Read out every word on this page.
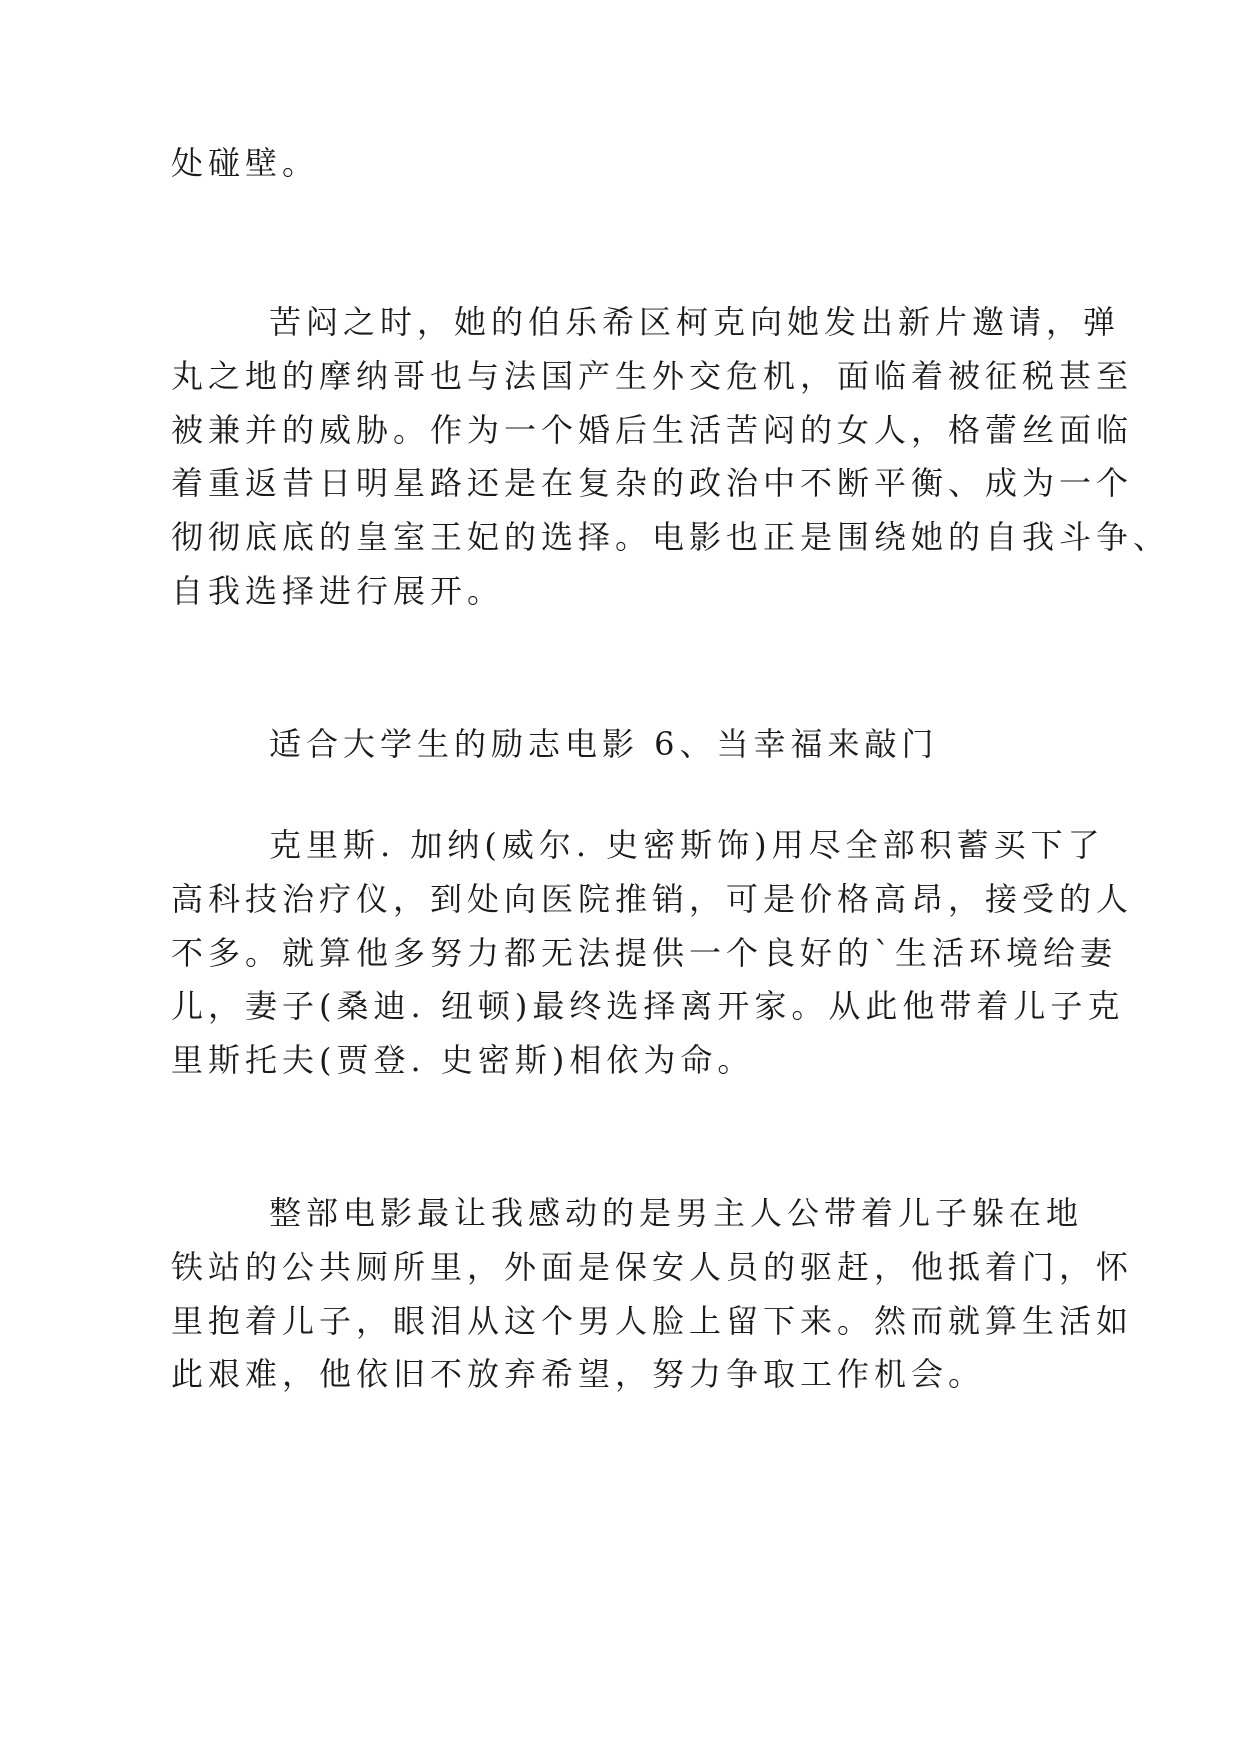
处碰壁。
苦闷之时，她的伯乐希区柯克向她发出新片邀请，弹
丸之地的摩纳哥也与法国产生外交危机，面临着被征税甚至
被兼并的威胁。作为一个婚后生活苦闷的女人，格蕾丝面临
着重返昔日明星路还是在复杂的政治中不断平衡、成为一个
彻彻底底的皇室王妃的选择。电影也正是围绕她的自我斗争、
自我选择进行展开。
适合大学生的励志电影 6、当幸福来敲门
克里斯. 加纳(威尔. 史密斯饰)用尽全部积蓄买下了
高科技治疗仪，到处向医院推销，可是价格高昂，接受的人
不多。就算他多努力都无法提供一个良好的`生活环境给妻
儿，妻子(桑迪. 纽顿)最终选择离开家。从此他带着儿子克
里斯托夫(贾登. 史密斯)相依为命。
整部电影最让我感动的是男主人公带着儿子躲在地
铁站的公共厕所里，外面是保安人员的驱赶，他抵着门，怀
里抱着儿子，眼泪从这个男人脸上留下来。然而就算生活如
此艰难，他依旧不放弃希望，努力争取工作机会。
